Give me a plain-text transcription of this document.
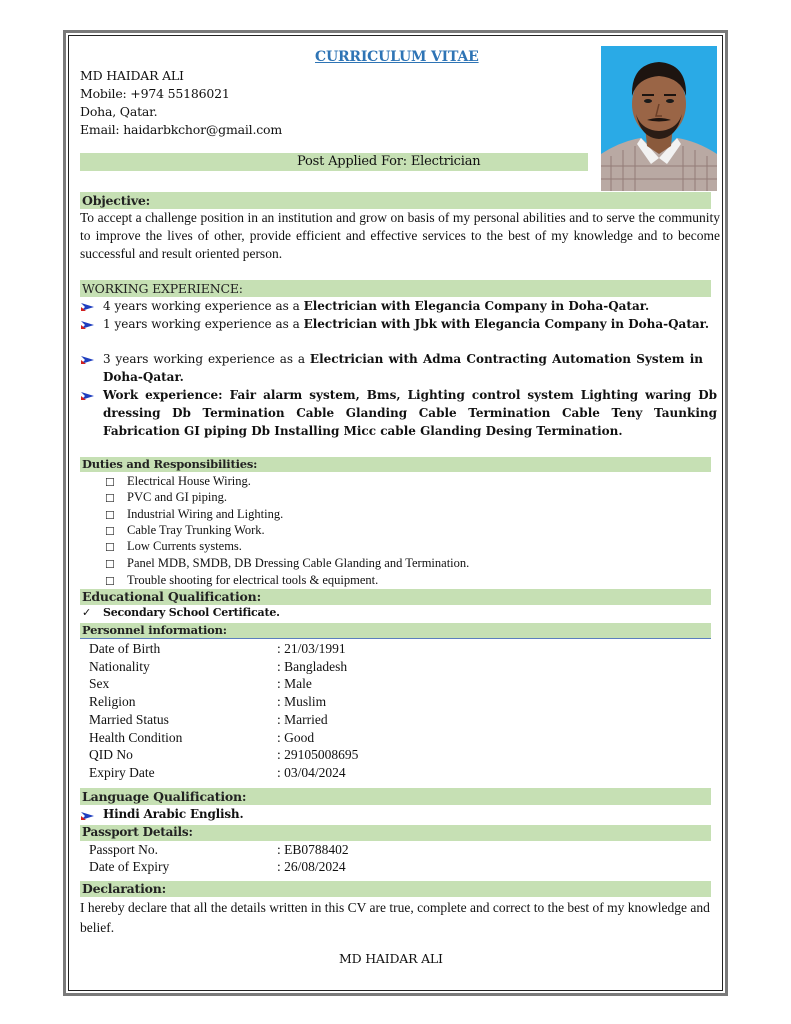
CURRICULUM VITAE
MD HAIDAR ALI
Mobile: +974 55186021
Doha, Qatar.
Email: haidarbkchor@gmail.com
Post Applied For: Electrician
Objective:
To accept a challenge position in an institution and grow on basis of my personal abilities and to serve the community to improve the lives of other, provide efficient and effective services to the best of my knowledge and to become successful and result oriented person.
WORKING EXPERIENCE:
4 years working experience as a Electrician with Elegancia Company in Doha-Qatar.
1 years working experience as a Electrician with Jbk with Elegancia Company in Doha-Qatar.
3 years working experience as a Electrician with Adma Contracting Automation System in Doha-Qatar.
Work experience: Fair alarm system, Bms, Lighting control system Lighting waring Db dressing Db Termination Cable Glanding Cable Termination Cable Teny Taunking Fabrication GI piping Db Installing Micc cable Glanding Desing Termination.
Duties and Responsibilities:
☐ Electrical House Wiring.
☐ PVC and GI piping.
☐ Industrial Wiring and Lighting.
☐ Cable Tray Trunking Work.
☐ Low Currents systems.
☐ Panel MDB, SMDB, DB Dressing Cable Glanding and Termination.
☐ Trouble shooting for electrical tools & equipment.
Educational Qualification:
✓ Secondary School Certificate.
Personnel information:
Date of Birth	: 21/03/1991
Nationality	: Bangladesh
Sex	: Male
Religion	: Muslim
Married Status	: Married
Health Condition	: Good
QID No	: 29105008695
Expiry Date	: 03/04/2024
Language Qualification:
Hindi Arabic English.
Passport Details:
Passport No.	: EB0788402
Date of Expiry	: 26/08/2024
Declaration:
I hereby declare that all the details written in this CV are true, complete and correct to the best of my knowledge and belief.
MD HAIDAR ALI
